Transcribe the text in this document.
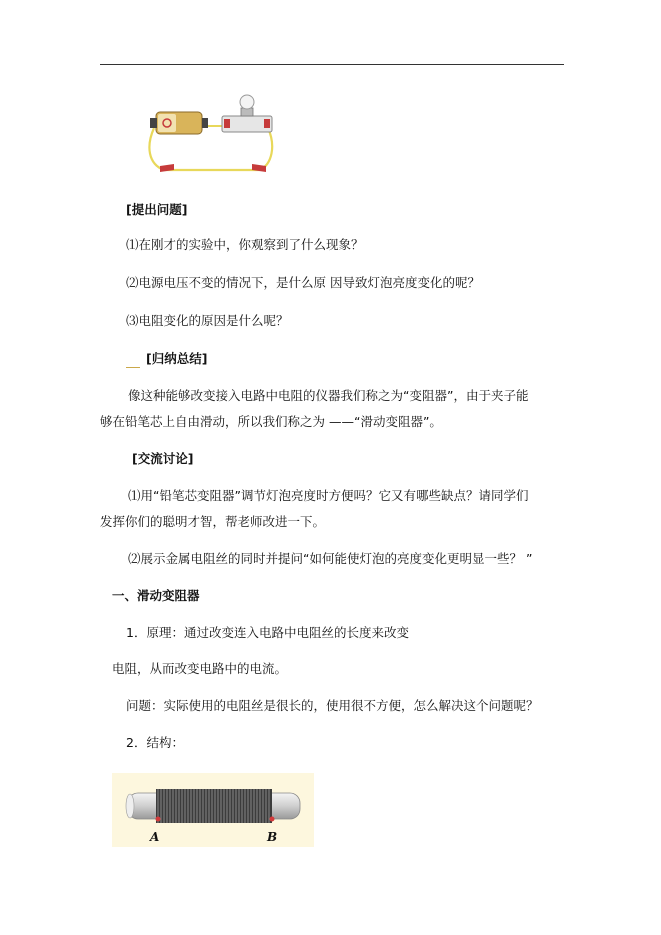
[提出问题]
⑴在刚才的实验中，你观察到了什么现象？
⑵电源电压不变的情况下，是什么原 因导致灯泡亮度变化的呢？
⑶电阻变化的原因是什么呢？
[归纳总结]
像这种能够改变接入电路中电阻的仪器我们称之为“变阻器”，由于夹子能
够在铅笔芯上自由滑动，所以我们称之为 ——“滑动变阻器”。
[交流讨论]
⑴用“铅笔芯变阻器”调节灯泡亮度时方便吗？它又有哪些缺点？请同学们
发挥你们的聪明才智，帮老师改进一下。
⑵展示金属电阻丝的同时并提问“如何能使灯泡的亮度变化更明显一些？ ”
一、滑动变阻器
1．原理：通过改变连入电路中电阻丝的长度来改变
电阻，从而改变电路中的电流。
问题：实际使用的电阻丝是很长的，使用很不方便，怎么解决这个问题呢？
2．结构：
A	B
